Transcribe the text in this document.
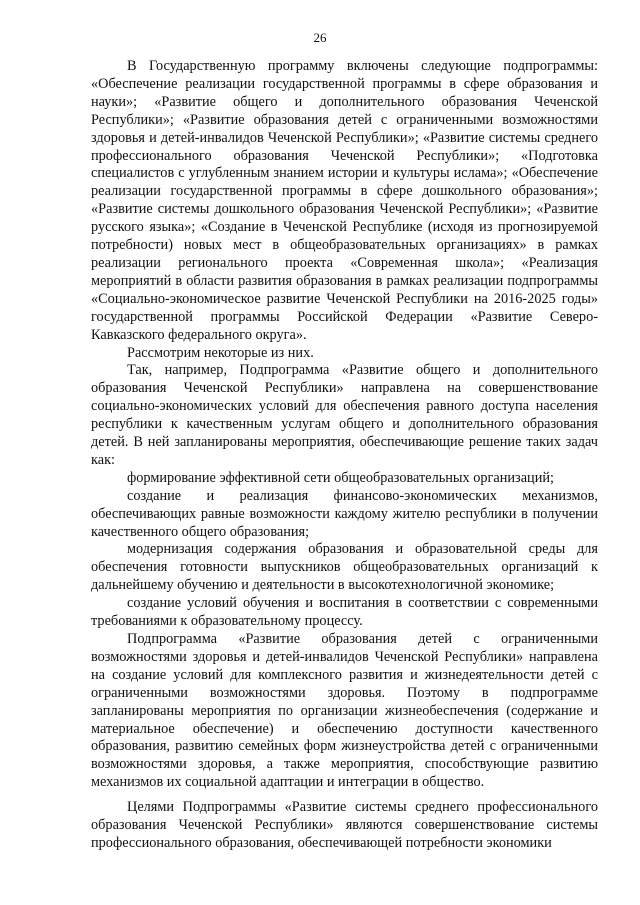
26

В Государственную программу включены следующие подпрограммы: «Обеспечение реализации государственной программы в сфере образования и науки»; «Развитие общего и дополнительного образования Чеченской Республики»; «Развитие образования детей с ограниченными возможностями здоровья и детей-инвалидов Чеченской Республики»; «Развитие системы среднего профессионального образования Чеченской Республики»; «Подготовка специалистов с углубленным знанием истории и культуры ислама»; «Обеспечение реализации государственной программы в сфере дошкольного образования»; «Развитие системы дошкольного образования Чеченской Республики»; «Развитие русского языка»; «Создание в Чеченской Республике (исходя из прогнозируемой потребности) новых мест в общеобразовательных организациях» в рамках реализации регионального проекта «Современная школа»; «Реализация мероприятий в области развития образования в рамках реализации подпрограммы «Социально-экономическое развитие Чеченской Республики на 2016-2025 годы» государственной программы Российской Федерации «Развитие Северо-Кавказского федерального округа».

Рассмотрим некоторые из них.

Так, например, Подпрограмма «Развитие общего и дополнительного образования Чеченской Республики» направлена на совершенствование социально-экономических условий для обеспечения равного доступа населения республики к качественным услугам общего и дополнительного образования детей. В ней запланированы мероприятия, обеспечивающие решение таких задач как:

формирование эффективной сети общеобразовательных организаций;

создание и реализация финансово-экономических механизмов, обеспечивающих равные возможности каждому жителю республики в получении качественного общего образования;

модернизация содержания образования и образовательной среды для обеспечения готовности выпускников общеобразовательных организаций к дальнейшему обучению и деятельности в высокотехнологичной экономике;

создание условий обучения и воспитания в соответствии с современными требованиями к образовательному процессу.

Подпрограмма «Развитие образования детей с ограниченными возможностями здоровья и детей-инвалидов Чеченской Республики» направлена на создание условий для комплексного развития и жизнедеятельности детей с ограниченными возможностями здоровья. Поэтому в подпрограмме запланированы мероприятия по организации жизнеобеспечения (содержание и материальное обеспечение) и обеспечению доступности качественного образования, развитию семейных форм жизнеустройства детей с ограниченными возможностями здоровья, а также мероприятия, способствующие развитию механизмов их социальной адаптации и интеграции в общество.

Целями Подпрограммы «Развитие системы среднего профессионального образования Чеченской Республики» являются совершенствование системы профессионального образования, обеспечивающей потребности экономики
